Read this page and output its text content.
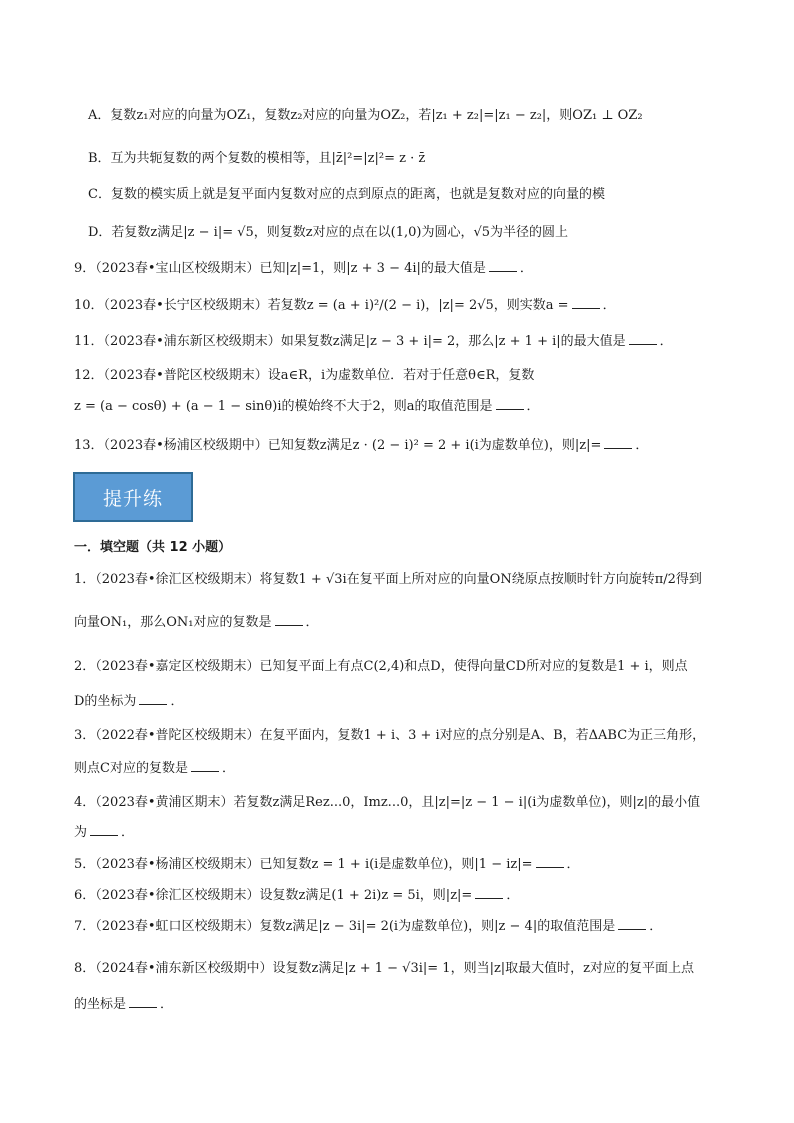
A．复数z₁对应的向量为OZ₁，复数z₂对应的向量为OZ₂，若|z₁ + z₂|=|z₁ − z₂|，则OZ₁ ⊥ OZ₂
B．互为共轭复数的两个复数的模相等，且|z̄|²=|z|²= z · z̄
C．复数的模实质上就是复平面内复数对应的点到原点的距离，也就是复数对应的向量的模
D．若复数z满足|z − i|= √5，则复数z对应的点在以(1,0)为圆心，√5为半径的圆上
9．（2023春•宝山区校级期末）已知|z|=1，则|z + 3 − 4i|的最大值是	．
10．（2023春•长宁区校级期末）若复数z = (a + i)²/(2 − i)，|z|= 2√5，则实数a =	．
11．（2023春•浦东新区校级期末）如果复数z满足|z − 3 + i|= 2，那么|z + 1 + i|的最大值是	．
12．（2023春•普陀区校级期末）设a∈R，i为虚数单位．若对于任意θ∈R，复数
z = (a − cosθ) + (a − 1 − sinθ)i的模始终不大于2，则a的取值范围是	．
13．（2023春•杨浦区校级期中）已知复数z满足z · (2 − i)² = 2 + i(i为虚数单位)，则|z|=	．
提升练
一．填空题（共 12 小题）
1．（2023春•徐汇区校级期末）将复数1 + √3i在复平面上所对应的向量ON绕原点按顺时针方向旋转π/2得到
向量ON₁，那么ON₁对应的复数是	．
2．（2023春•嘉定区校级期末）已知复平面上有点C(2,4)和点D，使得向量CD所对应的复数是1 + i，则点
D的坐标为	．
3．（2022春•普陀区校级期末）在复平面内，复数1 + i、3 + i对应的点分别是A、B，若ΔABC为正三角形，
则点C对应的复数是	．
4．（2023春•黄浦区期末）若复数z满足Rez...0，Imz...0，且|z|=|z − 1 − i|(i为虚数单位)，则|z|的最小值
为	．
5．（2023春•杨浦区校级期末）已知复数z = 1 + i(i是虚数单位)，则|1 − iz|=	．
6．（2023春•徐汇区校级期末）设复数z满足(1 + 2i)z = 5i，则|z|=	．
7．（2023春•虹口区校级期末）复数z满足|z − 3i|= 2(i为虚数单位)，则|z − 4|的取值范围是	．
8．（2024春•浦东新区校级期中）设复数z满足|z + 1 − √3i|= 1，则当|z|取最大值时，z对应的复平面上点
的坐标是	．
